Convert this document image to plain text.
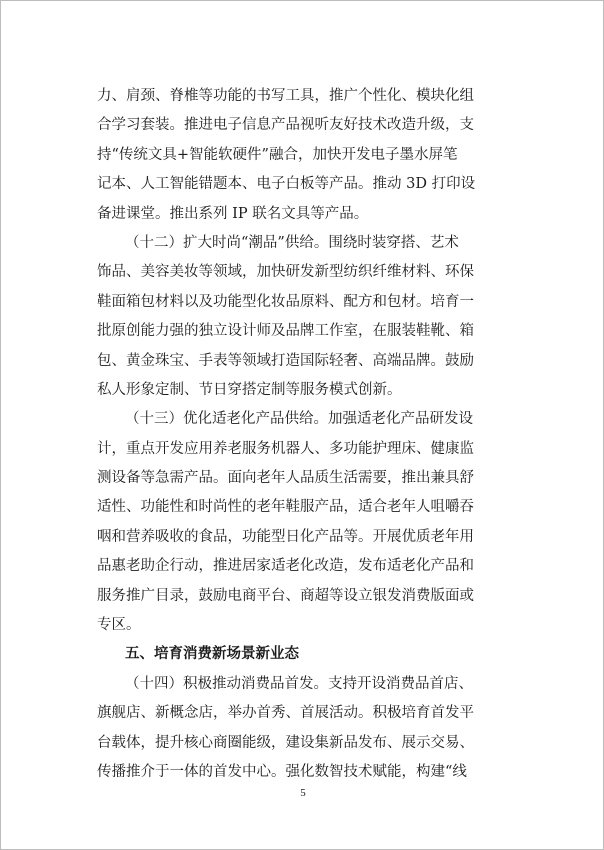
力、肩颈、脊椎等功能的书写工具，推广个性化、模块化组
合学习套装。推进电子信息产品视听友好技术改造升级，支
持“传统文具+智能软硬件”融合，加快开发电子墨水屏笔
记本、人工智能错题本、电子白板等产品。推动 3D 打印设
备进课堂。推出系列 IP 联名文具等产品。
（十二）扩大时尚“潮品”供给。围绕时装穿搭、艺术
饰品、美容美妆等领域，加快研发新型纺织纤维材料、环保
鞋面箱包材料以及功能型化妆品原料、配方和包材。培育一
批原创能力强的独立设计师及品牌工作室，在服装鞋靴、箱
包、黄金珠宝、手表等领域打造国际轻奢、高端品牌。鼓励
私人形象定制、节日穿搭定制等服务模式创新。
（十三）优化适老化产品供给。加强适老化产品研发设
计，重点开发应用养老服务机器人、多功能护理床、健康监
测设备等急需产品。面向老年人品质生活需要，推出兼具舒
适性、功能性和时尚性的老年鞋服产品，适合老年人咀嚼吞
咽和营养吸收的食品，功能型日化产品等。开展优质老年用
品惠老助企行动，推进居家适老化改造，发布适老化产品和
服务推广目录，鼓励电商平台、商超等设立银发消费版面或
专区。
五、培育消费新场景新业态
（十四）积极推动消费品首发。支持开设消费品首店、
旗舰店、新概念店，举办首秀、首展活动。积极培育首发平
台载体，提升核心商圈能级，建设集新品发布、展示交易、
传播推介于一体的首发中心。强化数智技术赋能，构建“线
5
